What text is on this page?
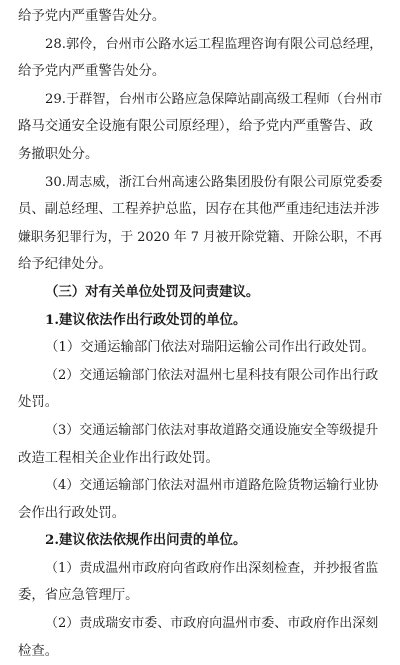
给予党内严重警告处分。
28.郭伶，台州市公路水运工程监理咨询有限公司总经理，
给予党内严重警告处分。
29.于群智，台州市公路应急保障站副高级工程师（台州市
路马交通安全设施有限公司原经理），给予党内严重警告、政
务撤职处分。
30.周志威，浙江台州高速公路集团股份有限公司原党委委
员、副总经理、工程养护总监，因存在其他严重违纪违法并涉
嫌职务犯罪行为，于 2020 年 7 月被开除党籍、开除公职，不再
给予纪律处分。
（三）对有关单位处罚及问责建议。
1.建议依法作出行政处罚的单位。
（1）交通运输部门依法对瑞阳运输公司作出行政处罚。
（2）交通运输部门依法对温州七星科技有限公司作出行政
处罚。
（3）交通运输部门依法对事故道路交通设施安全等级提升
改造工程相关企业作出行政处罚。
（4）交通运输部门依法对温州市道路危险货物运输行业协
会作出行政处罚。
2.建议依法依规作出问责的单位。
（1）责成温州市政府向省政府作出深刻检查，并抄报省监
委，省应急管理厅。
（2）责成瑞安市委、市政府向温州市委、市政府作出深刻
检查。
